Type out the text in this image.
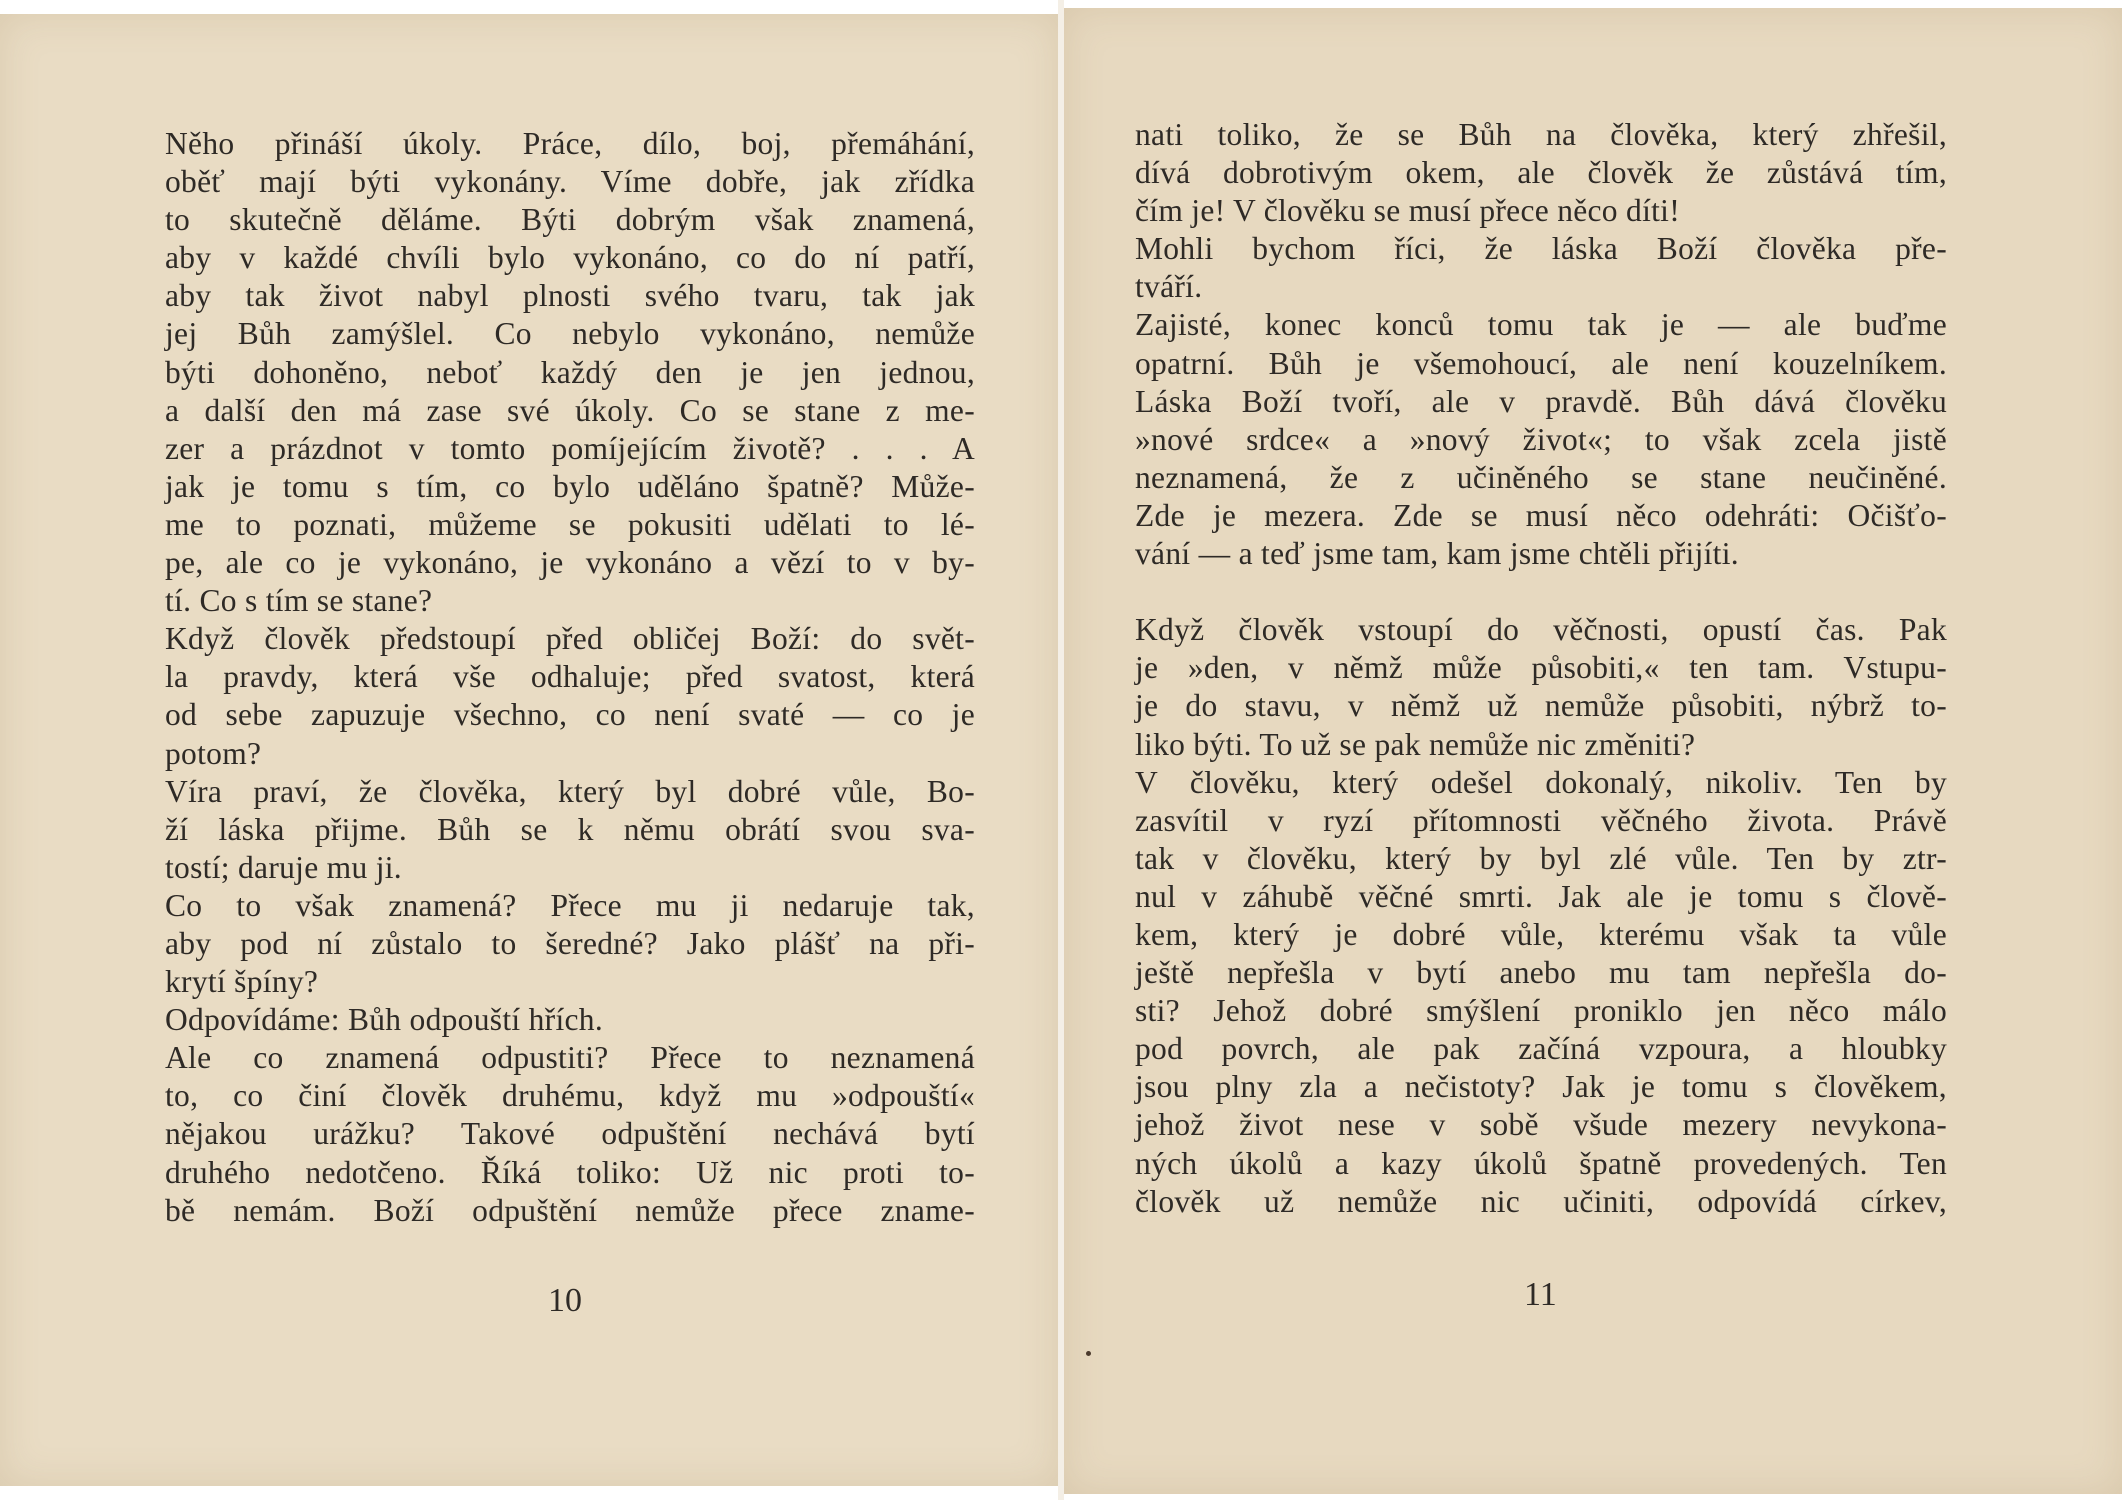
Něho přináší úkoly. Práce, dílo, boj, přemáhání,
oběť mají býti vykonány. Víme dobře, jak zřídka
to skutečně děláme. Býti dobrým však znamená,
aby v každé chvíli bylo vykonáno, co do ní patří,
aby tak život nabyl plnosti svého tvaru, tak jak
jej Bůh zamýšlel. Co nebylo vykonáno, nemůže
býti dohoněno, neboť každý den je jen jednou,
a další den má zase své úkoly. Co se stane z me-
zer a prázdnot v tomto pomíjejícím životě? . . . A
jak je tomu s tím, co bylo uděláno špatně? Může-
me to poznati, můžeme se pokusiti udělati to lé-
pe, ale co je vykonáno, je vykonáno a vězí to v by-
tí. Co s tím se stane?
Když člověk předstoupí před obličej Boží: do svět-
la pravdy, která vše odhaluje; před svatost, která
od sebe zapuzuje všechno, co není svaté — co je
potom?
Víra praví, že člověka, který byl dobré vůle, Bo-
ží láska přijme. Bůh se k němu obrátí svou sva-
tostí; daruje mu ji.
Co to však znamená? Přece mu ji nedaruje tak,
aby pod ní zůstalo to šeredné? Jako plášť na při-
krytí špíny?
Odpovídáme: Bůh odpouští hřích.
Ale co znamená odpustiti? Přece to neznamená
to, co činí člověk druhému, když mu »odpouští«
nějakou urážku? Takové odpuštění nechává bytí
druhého nedotčeno. Říká toliko: Už nic proti to-
bě nemám. Boží odpuštění nemůže přece zname-
10
nati toliko, že se Bůh na člověka, který zhřešil,
dívá dobrotivým okem, ale člověk že zůstává tím,
čím je! V člověku se musí přece něco díti!
Mohli bychom říci, že láska Boží člověka pře-
tváří.
Zajisté, konec konců tomu tak je — ale buďme
opatrní. Bůh je všemohoucí, ale není kouzelníkem.
Láska Boží tvoří, ale v pravdě. Bůh dává člověku
»nové srdce« a »nový život«; to však zcela jistě
neznamená, že z učiněného se stane neučiněné.
Zde je mezera. Zde se musí něco odehráti: Očišťo-
vání — a teď jsme tam, kam jsme chtěli přijíti.
Když člověk vstoupí do věčnosti, opustí čas. Pak
je »den, v němž může působiti,« ten tam. Vstupu-
je do stavu, v němž už nemůže působiti, nýbrž to-
liko býti. To už se pak nemůže nic změniti?
V člověku, který odešel dokonalý, nikoliv. Ten by
zasvítil v ryzí přítomnosti věčného života. Právě
tak v člověku, který by byl zlé vůle. Ten by ztr-
nul v záhubě věčné smrti. Jak ale je tomu s člově-
kem, který je dobré vůle, kterému však ta vůle
ještě nepřešla v bytí anebo mu tam nepřešla do-
sti? Jehož dobré smýšlení proniklo jen něco málo
pod povrch, ale pak začíná vzpoura, a hloubky
jsou plny zla a nečistoty? Jak je tomu s člověkem,
jehož život nese v sobě všude mezery nevykona-
ných úkolů a kazy úkolů špatně provedených. Ten
člověk už nemůže nic učiniti, odpovídá církev,
11
